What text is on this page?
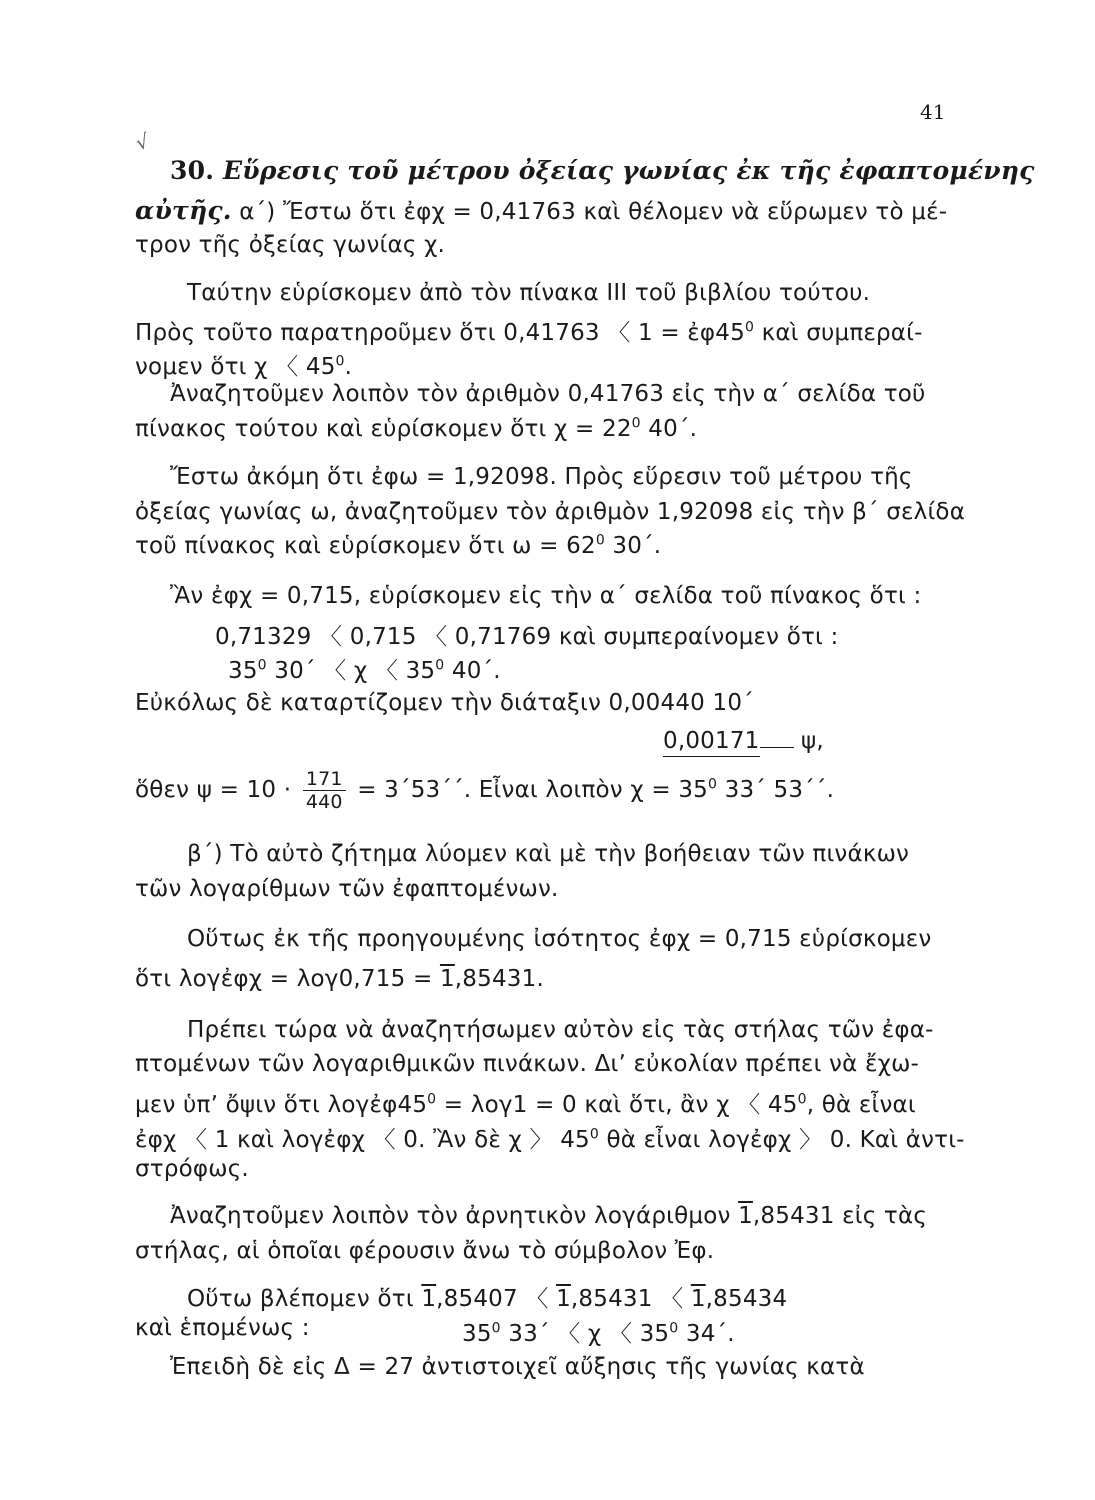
41
√
30. Εὕρεσις τοῦ μέτρου ὀξείας γωνίας ἐκ τῆς ἐφαπτομένης
αὐτῆς. α΄) Ἔστω ὅτι ἐφχ = 0,41763 καὶ θέλομεν νὰ εὕρωμεν τὸ μέ-
τρον τῆς ὀξείας γωνίας χ.
Ταύτην εὑρίσκομεν ἀπὸ τὸν πίνακα ΙΙΙ τοῦ βιβλίου τούτου.
Πρὸς τοῦτο παρατηροῦμεν ὅτι 0,41763 〈 $1 = ἐ\varphi 45^0$ καὶ συμπεραί-
νομεν ὅτι χ 〈 $45^0$.
Ἀναζητοῦμεν λοιπὸν τὸν ἀριθμὸν 0,41763 εἰς τὴν α΄ σελίδα τοῦ
πίνακος τούτου καὶ εὑρίσκομεν ὅτι $\chi = 22^0$ 40΄.
Ἔστω ἀκόμη ὅτι ἐφω = 1,92098. Πρὸς εὕρεσιν τοῦ μέτρου τῆς
ὀξείας γωνίας ω, ἀναζητοῦμεν τὸν ἀριθμὸν 1,92098 εἰς τὴν β΄ σελίδα
τοῦ πίνακος καὶ εὑρίσκομεν ὅτι $\omega = 62^0$ 30΄.
Ἂν ἐφχ = 0,715, εὑρίσκομεν εἰς τὴν α΄ σελίδα τοῦ πίνακος ὅτι :
0,71329 〈 0,715 〈 0,71769 καὶ συμπεραίνομεν ὅτι :
$35^0$ 30΄ 〈 χ 〈 $35^0$ 40΄.
Εὐκόλως δὲ καταρτίζομεν τὴν διάταξιν 0,00440 10΄
0,00171 ψ,
ὅθεν $\psi = 10 \cdot \frac{171}{440} = 3΄53΄΄$. Εἶναι λοιπὸν $\chi = 35^0$ 33΄ 53΄΄.
β΄) Τὸ αὐτὸ ζήτημα λύομεν καὶ μὲ τὴν βοήθειαν τῶν πινάκων
τῶν λογαρίθμων τῶν ἐφαπτομένων.
Οὕτως ἐκ τῆς προηγουμένης ἰσότητος ἐφχ = 0,715 εὑρίσκομεν
ὅτι λογἐφχ = λογ0,715 = 1,85431.
Πρέπει τώρα νὰ ἀναζητήσωμεν αὐτὸν εἰς τὰς στήλας τῶν ἐφα-
πτομένων τῶν λογαριθμικῶν πινάκων. Διʼ εὐκολίαν πρέπει νὰ ἔχω-
μεν ὑπʼ ὄψιν ὅτι $\lambda o\gamma ἐ\varphi 45^0 = \lambda o\gamma 1 = 0$ καὶ ὅτι, ἂν χ 〈 $45^0$, θὰ εἶναι
ἐφχ 〈 1 καὶ λογἐφχ 〈 0. Ἂν δὲ χ 〉 $45^0$ θὰ εἶναι λογἐφχ 〉 0. Καὶ ἀντι-
στρόφως.
Ἀναζητοῦμεν λοιπὸν τὸν ἀρνητικὸν λογάριθμον 1,85431 εἰς τὰς
στήλας, αἱ ὁποῖαι φέρουσιν ἄνω τὸ σύμβολον Ἐφ.
Οὕτω βλέπομεν ὅτι 1,85407 〈 1,85431 〈 1,85434
καὶ ἑπομένως :	$35^0$ 33΄ 〈 χ 〈 $35^0$ 34΄.
Ἐπειδὴ δὲ εἰς Δ = 27 ἀντιστοιχεῖ αὔξησις τῆς γωνίας κατὰ
